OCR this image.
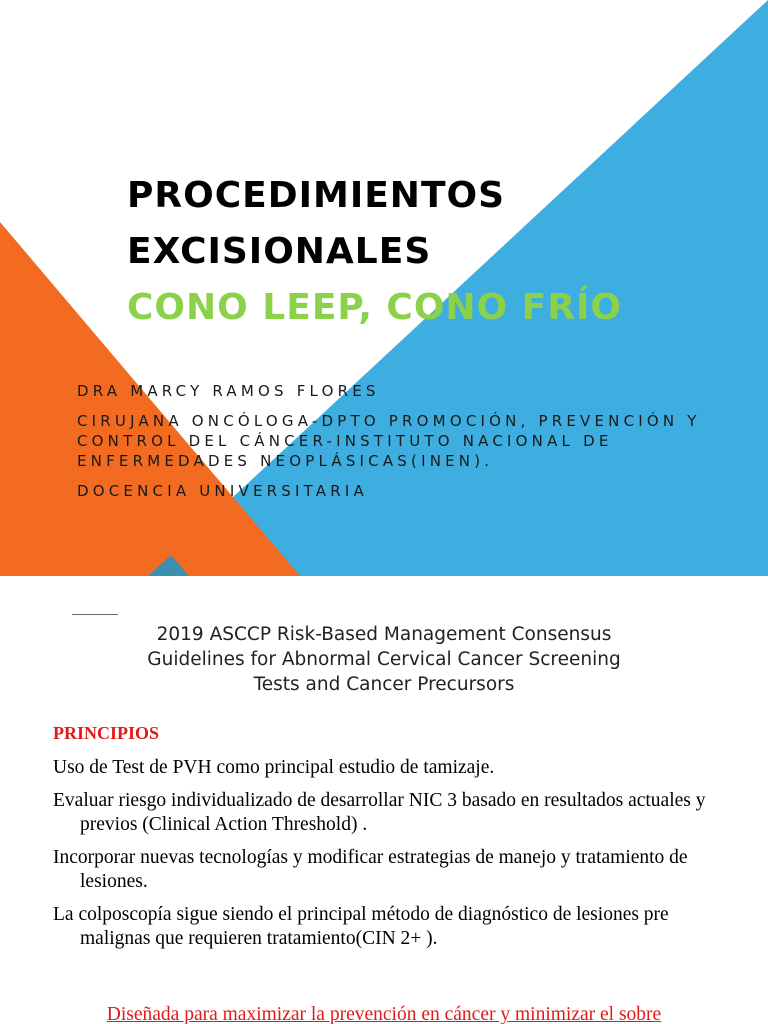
PROCEDIMIENTOS
EXCISIONALES
CONO LEEP, CONO FRÍO

DRA MARCY RAMOS FLORES

CIRUJANA ONCÓLOGA-DPTO PROMOCIÓN, PREVENCIÓN Y CONTROL DEL CÁNCER-INSTITUTO NACIONAL DE ENFERMEDADES NEOPLÁSICAS(INEN).

DOCENCIA UNIVERSITARIA

2019 ASCCP Risk-Based Management Consensus
Guidelines for Abnormal Cervical Cancer Screening
Tests and Cancer Precursors
PRINCIPIOS
Uso de Test de PVH como principal estudio de tamizaje.
Evaluar riesgo individualizado de desarrollar NIC 3 basado en resultados actuales y previos (Clinical Action Threshold) .
Incorporar nuevas tecnologías y modificar estrategias de manejo y tratamiento de lesiones.
La colposcopía sigue siendo el principal método de diagnóstico de lesiones pre malignas que requieren tratamiento(CIN 2+ ).
Diseñada para maximizar la prevención en cáncer y minimizar el sobre
